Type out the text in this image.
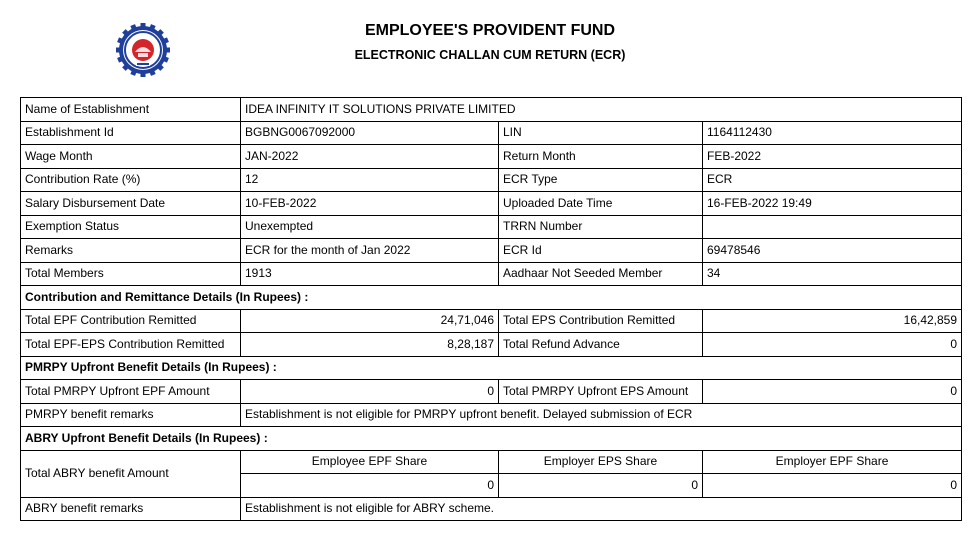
EMPLOYEE'S PROVIDENT FUND
ELECTRONIC CHALLAN CUM RETURN (ECR)
Name of Establishment	IDEA INFINITY IT SOLUTIONS PRIVATE LIMITED		
Establishment Id	BGBNG0067092000	LIN	1164112430
Wage Month	JAN-2022	Return Month	FEB-2022
Contribution Rate (%)	12	ECR Type	ECR
Salary Disbursement Date	10-FEB-2022	Uploaded Date Time	16-FEB-2022 19:49
Exemption Status	Unexempted	TRRN Number	
Remarks	ECR for the month of Jan 2022	ECR Id	69478546
Total Members	1913	Aadhaar Not Seeded Member	34
Contribution and Remittance Details (In Rupees) :			
Total EPF Contribution Remitted	24,71,046	Total EPS Contribution Remitted	16,42,859
Total EPF-EPS Contribution Remitted	8,28,187	Total Refund Advance	0
PMRPY Upfront Benefit Details (In Rupees) :			
Total PMRPY Upfront EPF Amount	0	Total PMRPY Upfront EPS Amount	0
PMRPY benefit remarks	Establishment is not eligible for PMRPY upfront benefit. Delayed submission of ECR		
ABRY Upfront Benefit Details (In Rupees) :			
Total ABRY benefit Amount	Employee EPF Share	Employer EPS Share	Employer EPF Share
	0	0	0
ABRY benefit remarks	Establishment is not eligible for ABRY scheme.		
